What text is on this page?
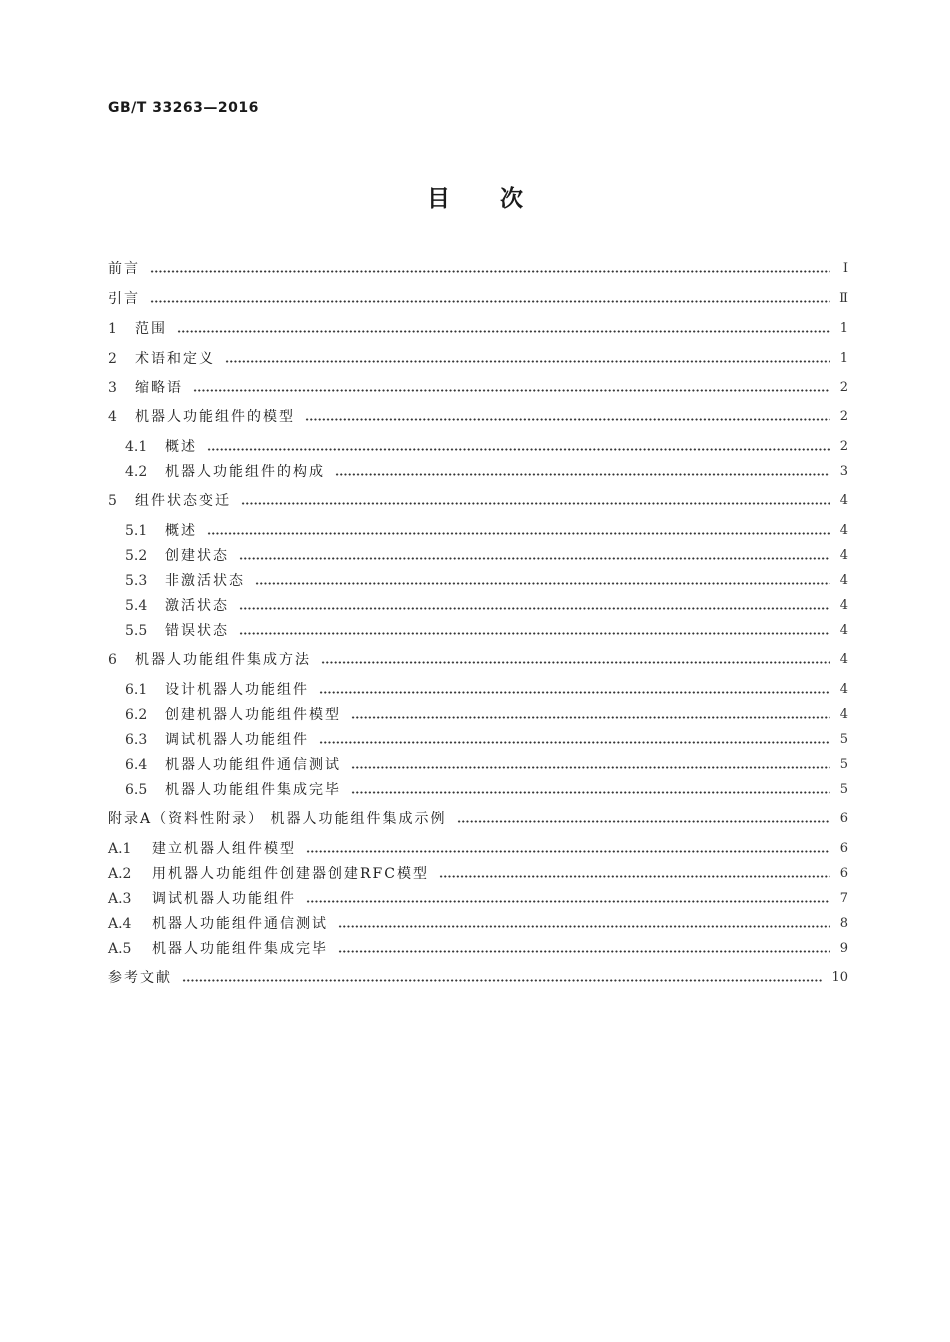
GB/T 33263—2016
目 次
前言	Ⅰ
引言	Ⅱ
1	范围	1
2	术语和定义	1
3	缩略语	2
4	机器人功能组件的模型	2
4.1	概述	2
4.2	机器人功能组件的构成	3
5	组件状态变迁	4
5.1	概述	4
5.2	创建状态	4
5.3	非激活状态	4
5.4	激活状态	4
5.5	错误状态	4
6	机器人功能组件集成方法	4
6.1	设计机器人功能组件	4
6.2	创建机器人功能组件模型	4
6.3	调试机器人功能组件	5
6.4	机器人功能组件通信测试	5
6.5	机器人功能组件集成完毕	5
附录A（资料性附录） 机器人功能组件集成示例	6
A.1	建立机器人组件模型	6
A.2	用机器人功能组件创建器创建RFC模型	6
A.3	调试机器人功能组件	7
A.4	机器人功能组件通信测试	8
A.5	机器人功能组件集成完毕	9
参考文献	10
